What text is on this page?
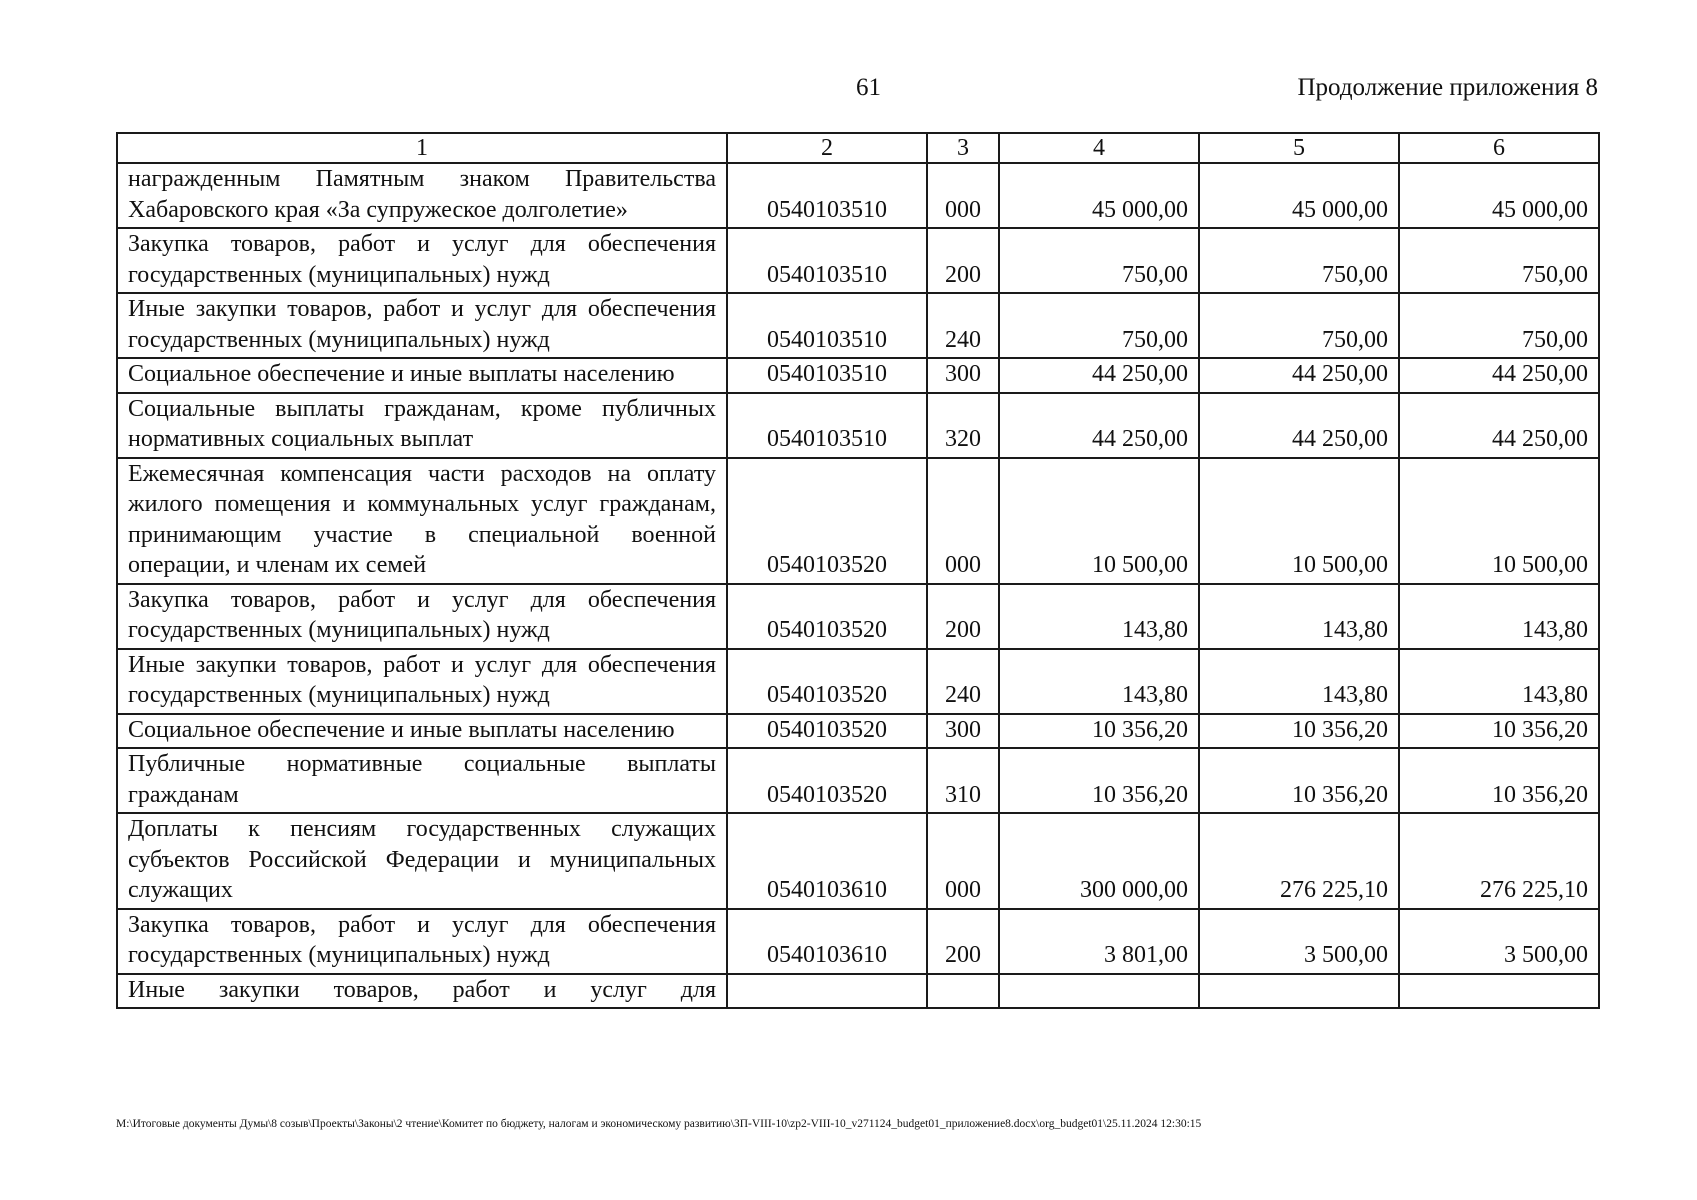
61	Продолжение приложения 8
1	2	3	4	5	6
награжденным Памятным знаком Правительства Хабаровского края «За супружеское долголетие»	0540103510	000	45 000,00	45 000,00	45 000,00
Закупка товаров, работ и услуг для обеспечения государственных (муниципальных) нужд	0540103510	200	750,00	750,00	750,00
Иные закупки товаров, работ и услуг для обеспечения государственных (муниципальных) нужд	0540103510	240	750,00	750,00	750,00
Социальное обеспечение и иные выплаты населению	0540103510	300	44 250,00	44 250,00	44 250,00
Социальные выплаты гражданам, кроме публичных нормативных социальных выплат	0540103510	320	44 250,00	44 250,00	44 250,00
Ежемесячная компенсация части расходов на оплату жилого помещения и коммунальных услуг гражданам, принимающим участие в специальной военной операции, и членам их семей	0540103520	000	10 500,00	10 500,00	10 500,00
Закупка товаров, работ и услуг для обеспечения государственных (муниципальных) нужд	0540103520	200	143,80	143,80	143,80
Иные закупки товаров, работ и услуг для обеспечения государственных (муниципальных) нужд	0540103520	240	143,80	143,80	143,80
Социальное обеспечение и иные выплаты населению	0540103520	300	10 356,20	10 356,20	10 356,20
Публичные нормативные социальные выплаты гражданам	0540103520	310	10 356,20	10 356,20	10 356,20
Доплаты к пенсиям государственных служащих субъектов Российской Федерации и муниципальных служащих	0540103610	000	300 000,00	276 225,10	276 225,10
Закупка товаров, работ и услуг для обеспечения государственных (муниципальных) нужд	0540103610	200	3 801,00	3 500,00	3 500,00
Иные закупки товаров, работ и услуг для					
М:\Итоговые документы Думы\8 созыв\Проекты\Законы\2 чтение\Комитет по бюджету, налогам и экономическому развитию\ЗП-VIII-10\zp2-VIII-10_v271124_budget01_приложение8.docx\org_budget01\25.11.2024 12:30:15
